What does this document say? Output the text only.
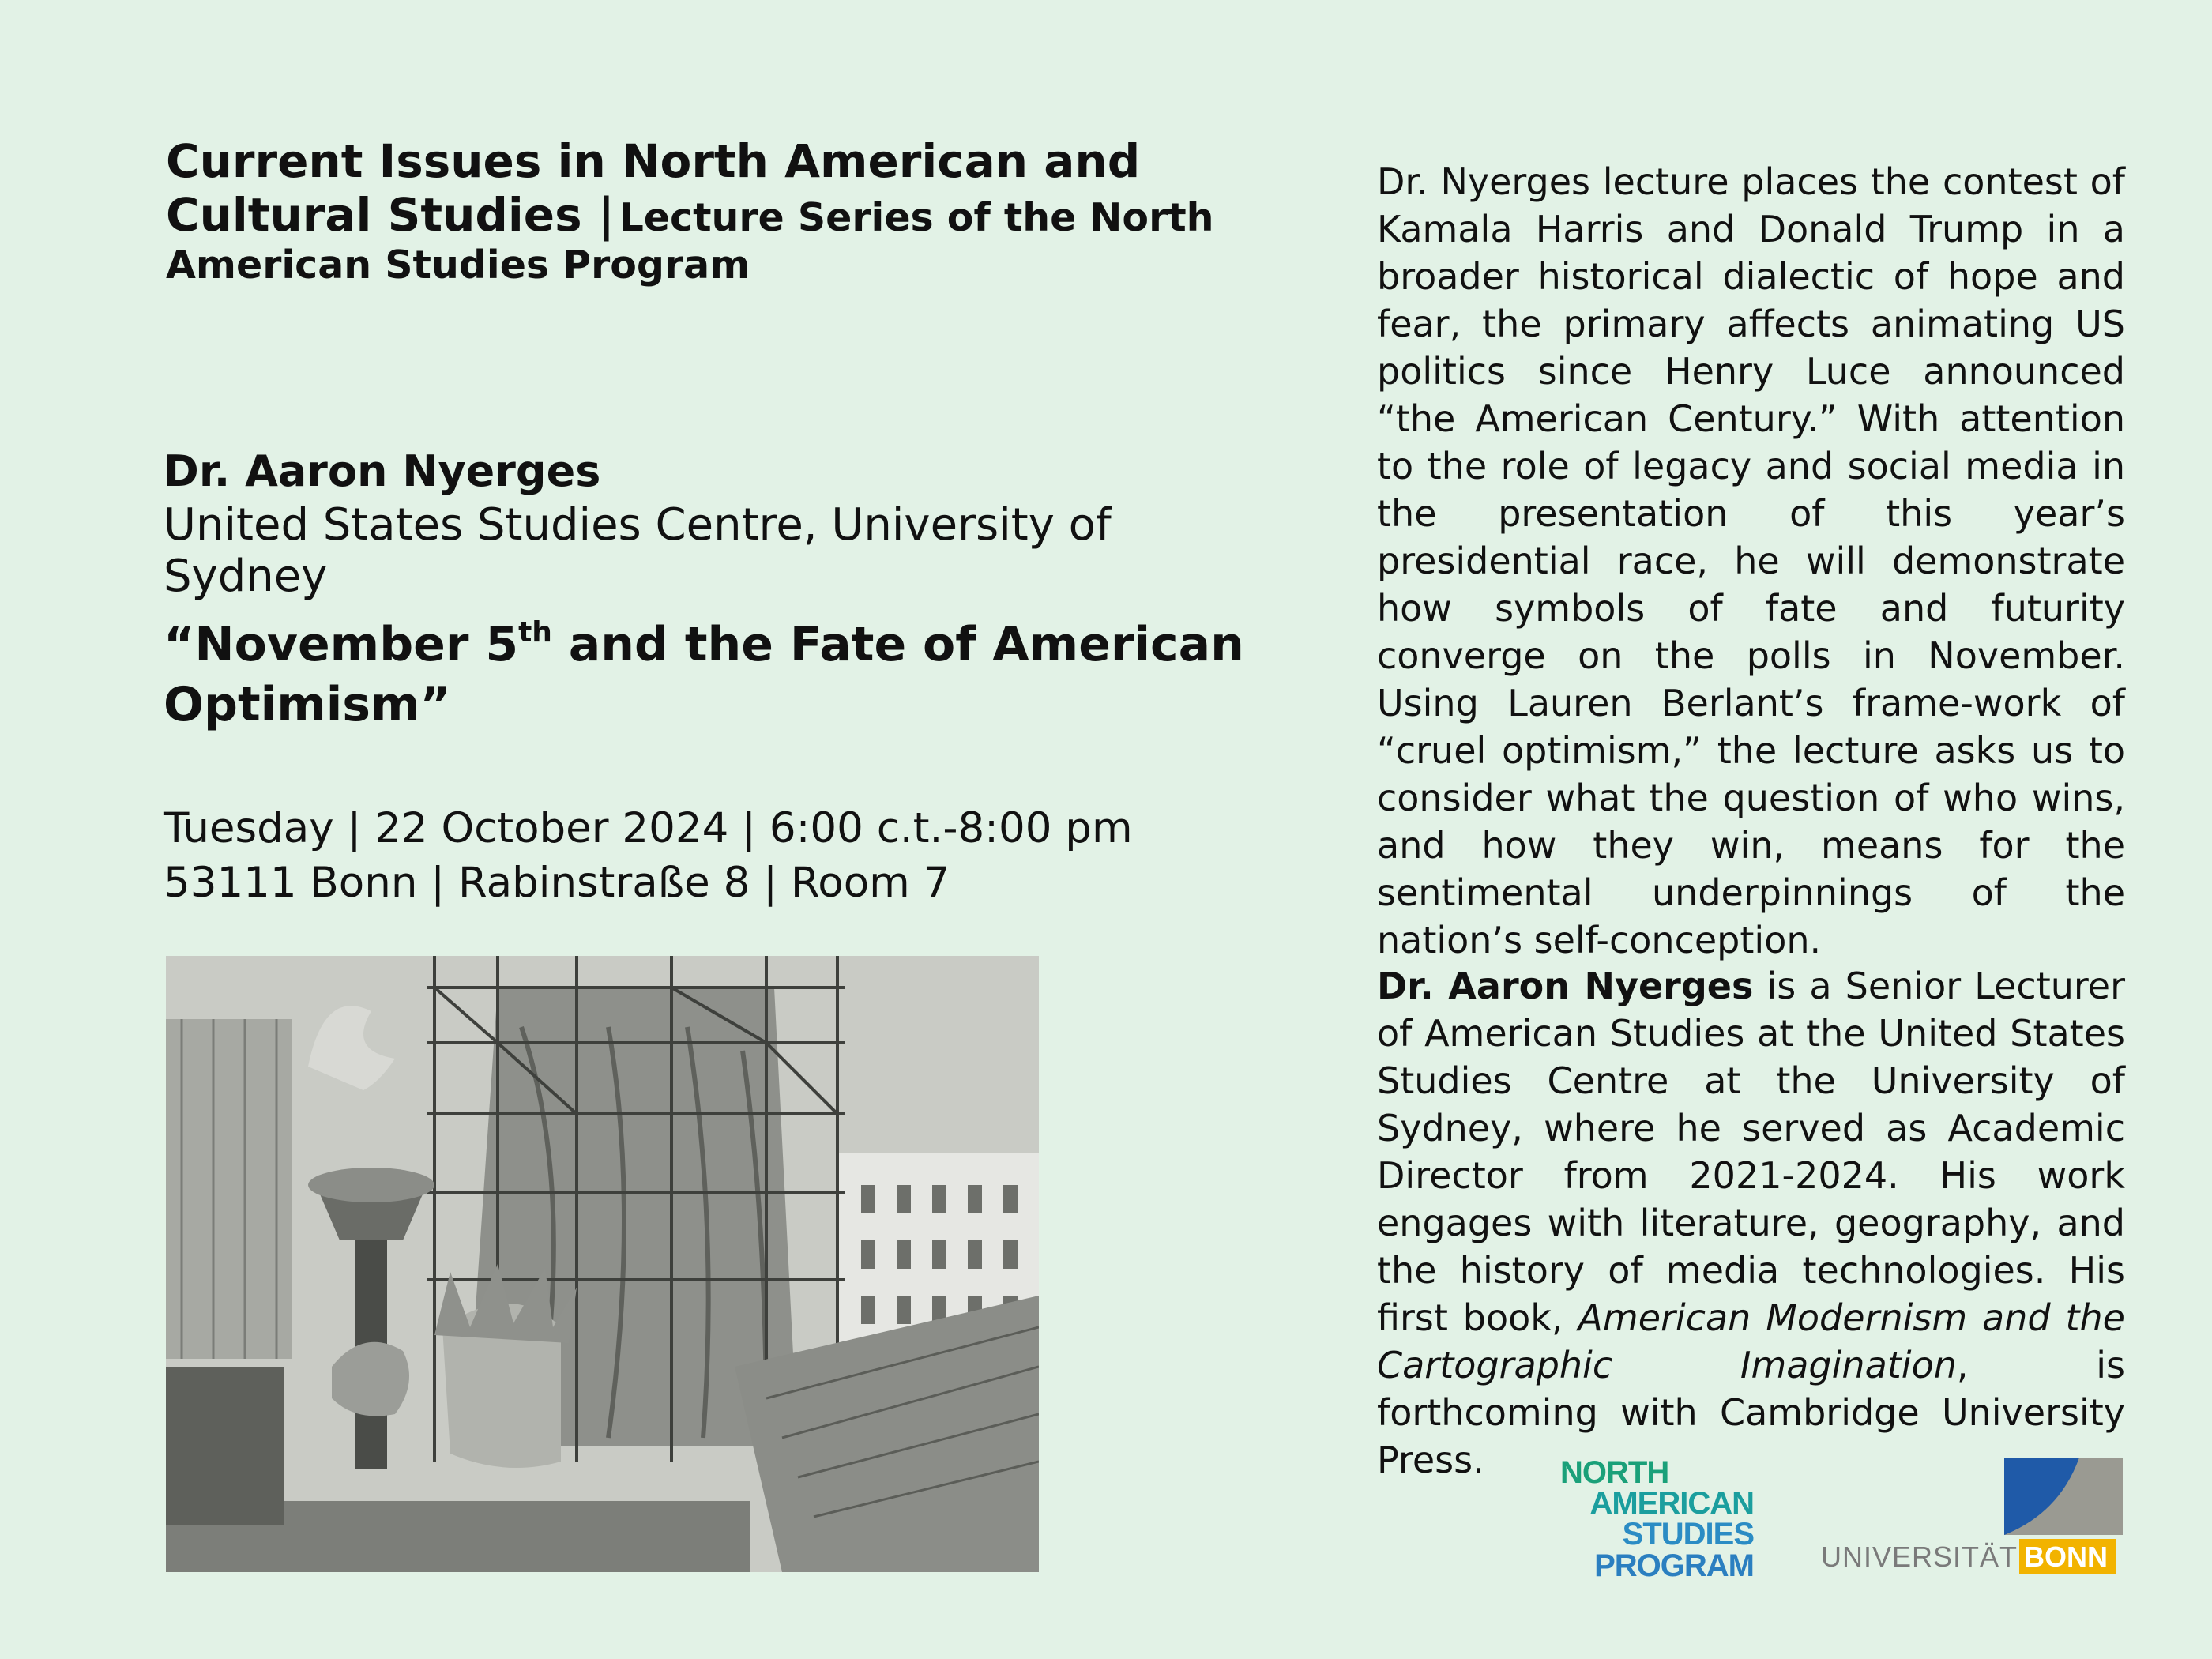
Current Issues in North American and Cultural Studies | Lecture Series of the North American Studies Program

Dr. Aaron Nyerges

United States Studies Centre, University of Sydney

“November 5th and the Fate of American Optimism”
Tuesday | 22 October 2024 | 6:00 c.t.-8:00 pm
53111 Bonn | Rabinstraße 8 | Room 7
Dr. Nyerges lecture places the contest of Kamala Harris and Donald Trump in a broader historical dialectic of hope and fear, the primary affects animating US politics since Henry Luce announced “the American Century.” With attention to the role of legacy and social media in the presentation of this year’s presidential race, he will demonstrate how symbols of fate and futurity converge on the polls in November. Using Lauren Berlant’s frame-work of “cruel optimism,” the lecture asks us to consider what the question of who wins, and how they win, means for the sentimental underpinnings of the nation’s self-conception.
Dr. Aaron Nyerges is a Senior Lecturer of American Studies at the United States Studies Centre at the University of Sydney, where he served as Academic Director from 2021-2024. His work engages with literature, geography, and the history of media technologies. His first book, American Modernism and the Cartographic Imagination, is forthcoming with Cambridge University Press.	NORTH
AMERICAN
STUDIES
PROGRAM UNIVERSITÄT BONN
